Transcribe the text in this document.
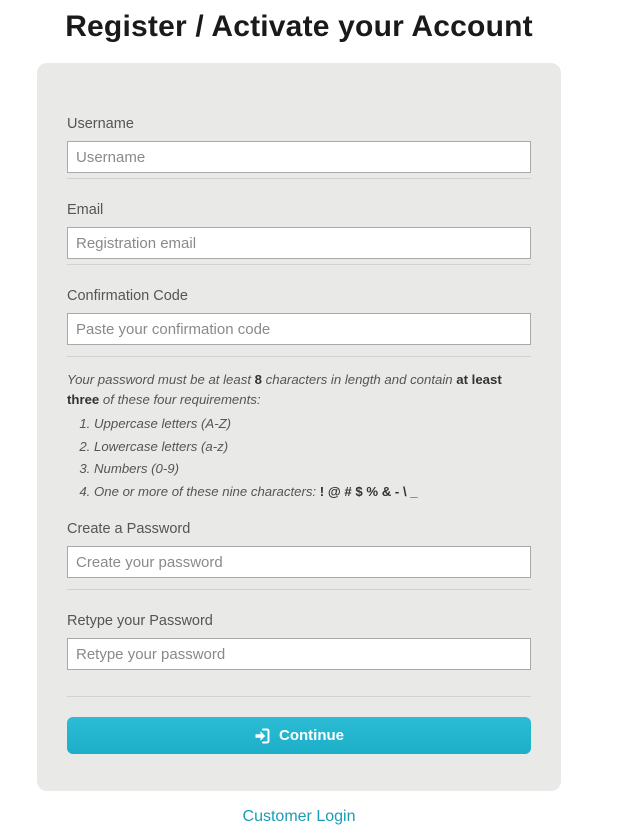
Register / Activate your Account
Username
Username
Email
Registration email
Confirmation Code
Paste your confirmation code
Your password must be at least 8 characters in length and contain at least three of these four requirements:
1. Uppercase letters (A-Z)
2. Lowercase letters (a-z)
3. Numbers (0-9)
4. One or more of these nine characters: ! @ # $ % & - \ _
Create a Password
Retype your Password
Continue
Customer Login
